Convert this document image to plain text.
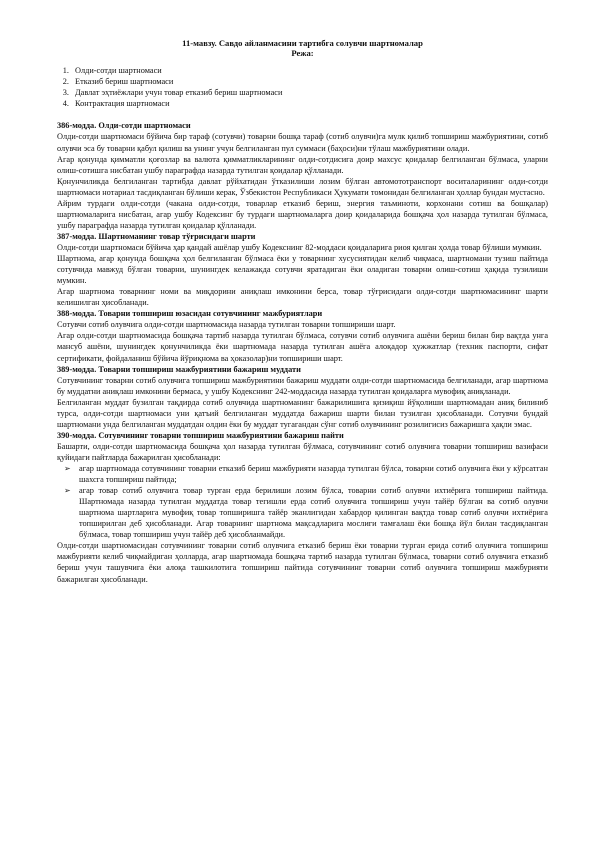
11-мавзу. Савдо айланмасини тартибга солувчи шартномалар

Режа:

1. Олди-сотди шартномаси
2. Етказиб бериш шартномаси
3. Давлат эҳтиёжлари учун товар етказиб бериш шартномаси
4. Контрактация шартномаси

386-модда. Олди-сотди шартномаси

Олди-сотди шартномаси бўйича бир тараф (сотувчи) товарни бошқа тараф (сотиб олувчи)га мулк қилиб топшириш мажбуриятини, сотиб олувчи эса бу товарни қабул қилиш ва унинг учун белгиланган пул суммаси (баҳоси)ни тўлаш мажбуриятини олади.

Агар қонунда қимматли қоғозлар ва валюта қимматликларининг олди-сотдисига доир махсус қоидалар белгиланган бўлмаса, уларни олиш-сотишга нисбатан ушбу параграфда назарда тутилган қоидалар қўлланади.

Қонунчиликда белгиланган тартибда давлат рўйхатидан ўтказилиши лозим бўлган автомототранспорт воситаларининг олди-сотди шартномаси нотариал тасдиқланган бўлиши керак, Ўзбекистон Республикаси Ҳукумати томонидан белгиланган ҳоллар бундан мустасно.

Айрим турдаги олди-сотди (чакана олди-сотди, товарлар етказиб бериш, энергия таъминоти, корхонани сотиш ва бошқалар) шартномаларига нисбатан, агар ушбу Кодексинг бу турдаги шартномаларга доир қоидаларида бошқача ҳол назарда тутилган бўлмаса, ушбу параграфда назарда тутилган қоидалар қўлланади.

387-модда. Шартноманинг товар тўғрисидаги шарти

Олди-сотди шартномаси бўйича ҳар қандай ашёлар ушбу Кодекснинг 82-моддаси қоидаларига риоя қилган ҳолда товар бўлиши мумкин.

Шартнома, агар қонунда бошқача ҳол белгиланган бўлмаса ёки у товарнинг хусусиятидан келиб чиқмаса, шартномани тузиш пайтида сотувчида мавжуд бўлган товарни, шунингдек келажакда сотувчи яратадиган ёки оладиган товарни олиш-сотиш ҳақида тузилиши мумкин.

Агар шартнома товарнинг номи ва миқдорини аниқлаш имконини берса, товар тўғрисидаги олди-сотди шартномасининг шарти келишилган ҳисобланади.

388-модда. Товарни топшириш юзасидан сотувчининг мажбуриятлари

Сотувчи сотиб олувчига олди-сотди шартномасида назарда тутилган товарни топшириши шарт.

Агар олди-сотди шартномасида бошқача тартиб назарда тутилган бўлмаса, сотувчи сотиб олувчига ашёни бериш билан бир вақтда унга мансуб ашёни, шунингдек қонунчиликда ёки шартномада назарда тутилган ашёга алоқадор ҳужжатлар (техник паспорти, сифат сертификати, фойдаланиш бўйича йўриқнома ва ҳоказолар)ни топшириши шарт.

389-модда. Товарни топшириш мажбуриятини бажариш муддати

Сотувчининг товарни сотиб олувчига топшириш мажбуриятини бажариш муддати олди-сотди шартномасида белгиланади, агар шартнома бу муддатни аниқлаш имконини бермаса, у ушбу Кодекснинг 242-моддасида назарда тутилган қоидаларга мувофиқ аниқланади.

Белгиланган муддат бузилган тақдирда сотиб олувчида шартноманинг бажарилишига қизиқиш йўқолиши шартномадан аниқ билиниб турса, олди-сотди шартномаси уни қатъий белгиланган муддатда бажариш шарти билан тузилган ҳисобланади. Сотувчи бундай шартномани унда белгиланган муддатдан олдин ёки бу муддат тугагандан сўнг сотиб олувчининг розилигисиз бажаришга ҳақли эмас.

390-модда. Сотувчининг товарни топшириш мажбуриятини бажариш пайти

Башарти, олди-сотди шартномасида бошқача ҳол назарда тутилган бўлмаса, сотувчининг сотиб олувчига товарни топшириш вазифаси қуйидаги пайтларда бажарилган ҳисобланади:

➢ агар шартномада сотувчининг товарни етказиб бериш мажбурияти назарда тутилган бўлса, товарни сотиб олувчига ёки у кўрсатган шахсга топшириш пайтида;
➢ агар товар сотиб олувчига товар турган ерда берилиши лозим бўлса, товарни сотиб олувчи ихтиёрига топшириш пайтида. Шартномада назарда тутилган муддатда товар тегишли ерда сотиб олувчига топшириш учун тайёр бўлган ва сотиб олувчи шартнома шартларига мувофиқ товар топширишга тайёр эканлигидан хабардор қилинган вақтда товар сотиб олувчи ихтиёрига топширилган деб ҳисобланади. Агар товарнинг шартнома мақсадларига мослиги тамғалаш ёки бошқа йўл билан тасдиқланган бўлмаса, товар топшириш учун тайёр деб ҳисобланмайди.

Олди-сотди шартномасидан сотувчининг товарни сотиб олувчига етказиб бериш ёки товарни турган ерида сотиб олувчига топшириш мажбурияти келиб чиқмайдиган ҳолларда, агар шартномада бошқача тартиб назарда тутилган бўлмаса, товарни сотиб олувчига етказиб бериш учун ташувчига ёки алоқа ташкилотига топшириш пайтида сотувчининг товарни сотиб олувчига топшириш мажбурияти бажарилган ҳисобланади.
